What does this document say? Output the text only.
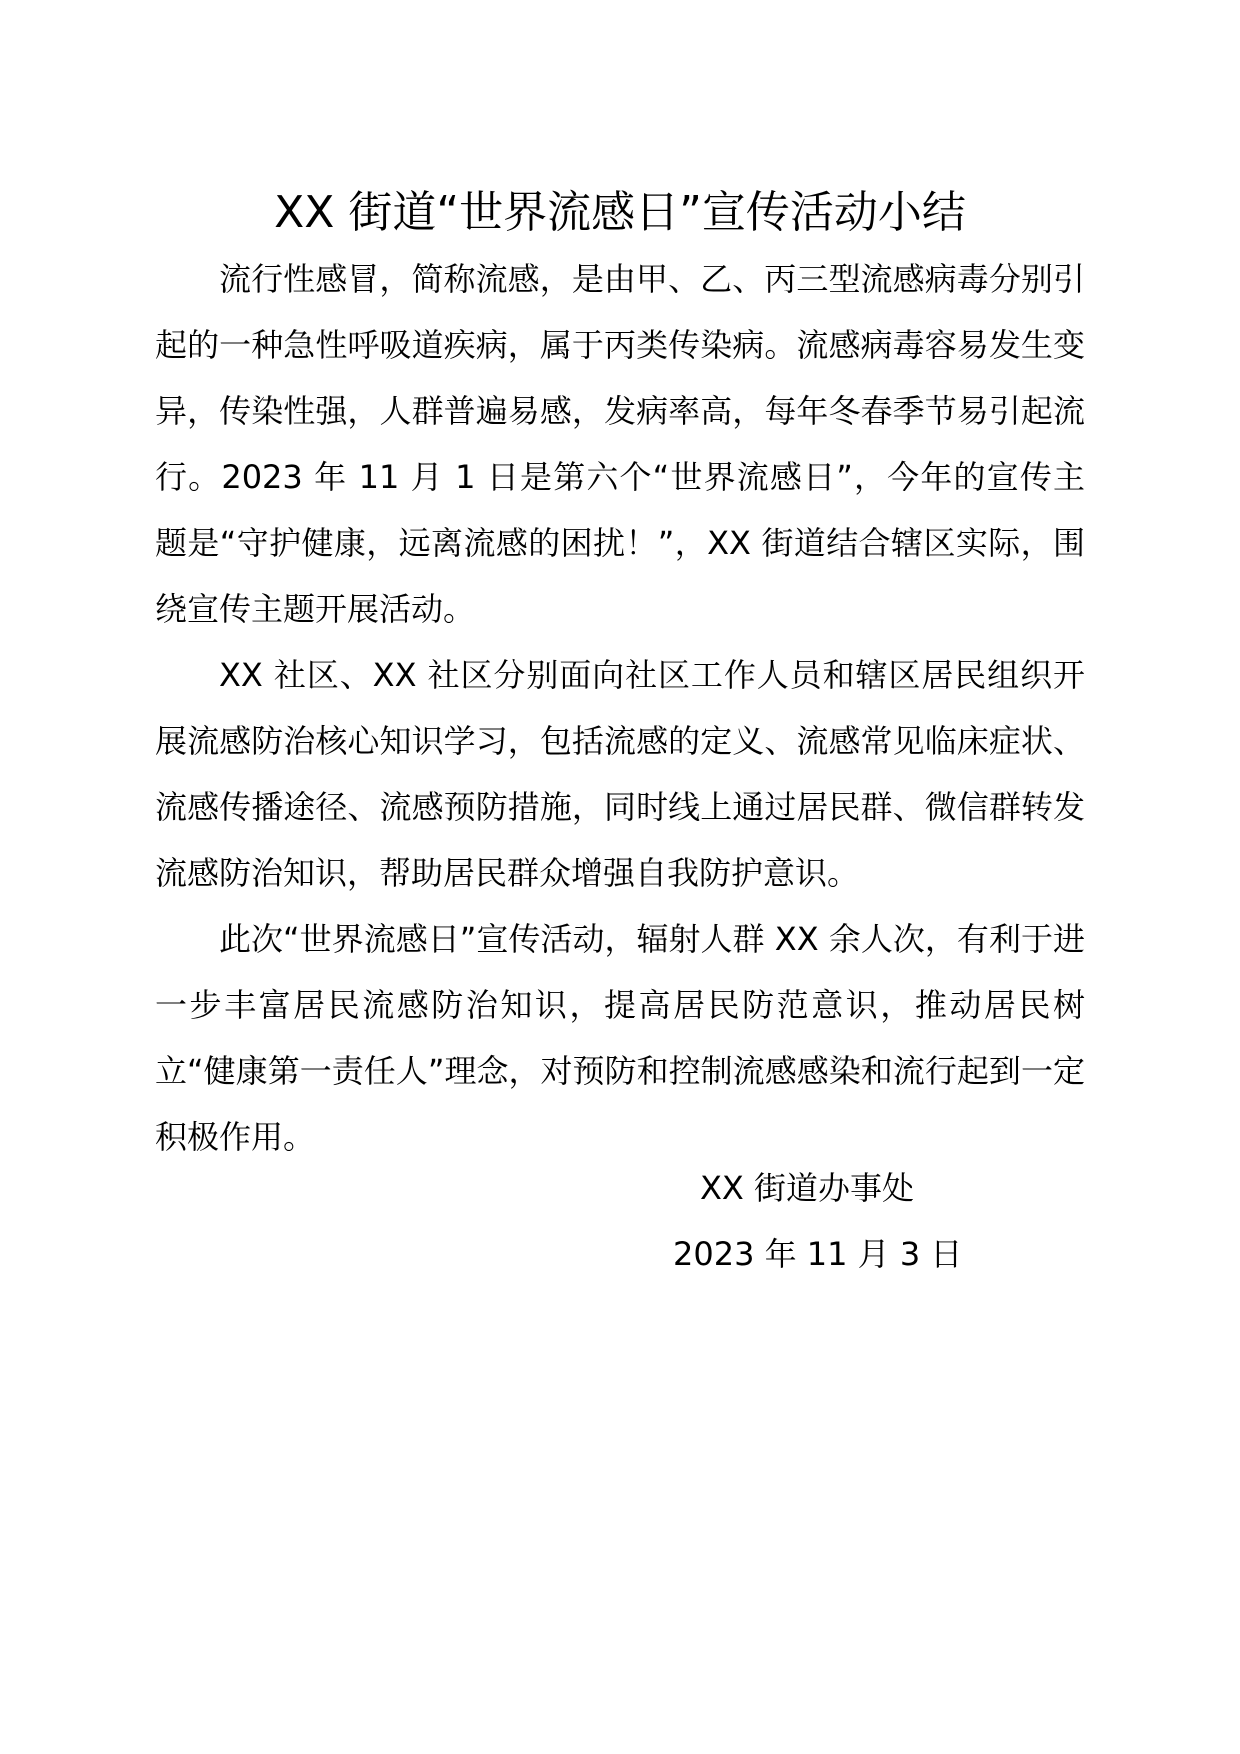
XX 街道“世界流感日”宣传活动小结

流行性感冒，简称流感，是由甲、乙、丙三型流感病毒分别引起的一种急性呼吸道疾病，属于丙类传染病。流感病毒容易发生变异，传染性强，人群普遍易感，发病率高，每年冬春季节易引起流行。2023 年 11 月 1 日是第六个“世界流感日”，今年的宣传主题是“守护健康，远离流感的困扰！”，XX 街道结合辖区实际，围绕宣传主题开展活动。

XX 社区、XX 社区分别面向社区工作人员和辖区居民组织开展流感防治核心知识学习，包括流感的定义、流感常见临床症状、流感传播途径、流感预防措施，同时线上通过居民群、微信群转发流感防治知识，帮助居民群众增强自我防护意识。

此次“世界流感日”宣传活动，辐射人群 XX 余人次，有利于进一步丰富居民流感防治知识，提高居民防范意识，推动居民树立“健康第一责任人”理念，对预防和控制流感感染和流行起到一定积极作用。

XX 街道办事处
2023 年 11 月 3 日
